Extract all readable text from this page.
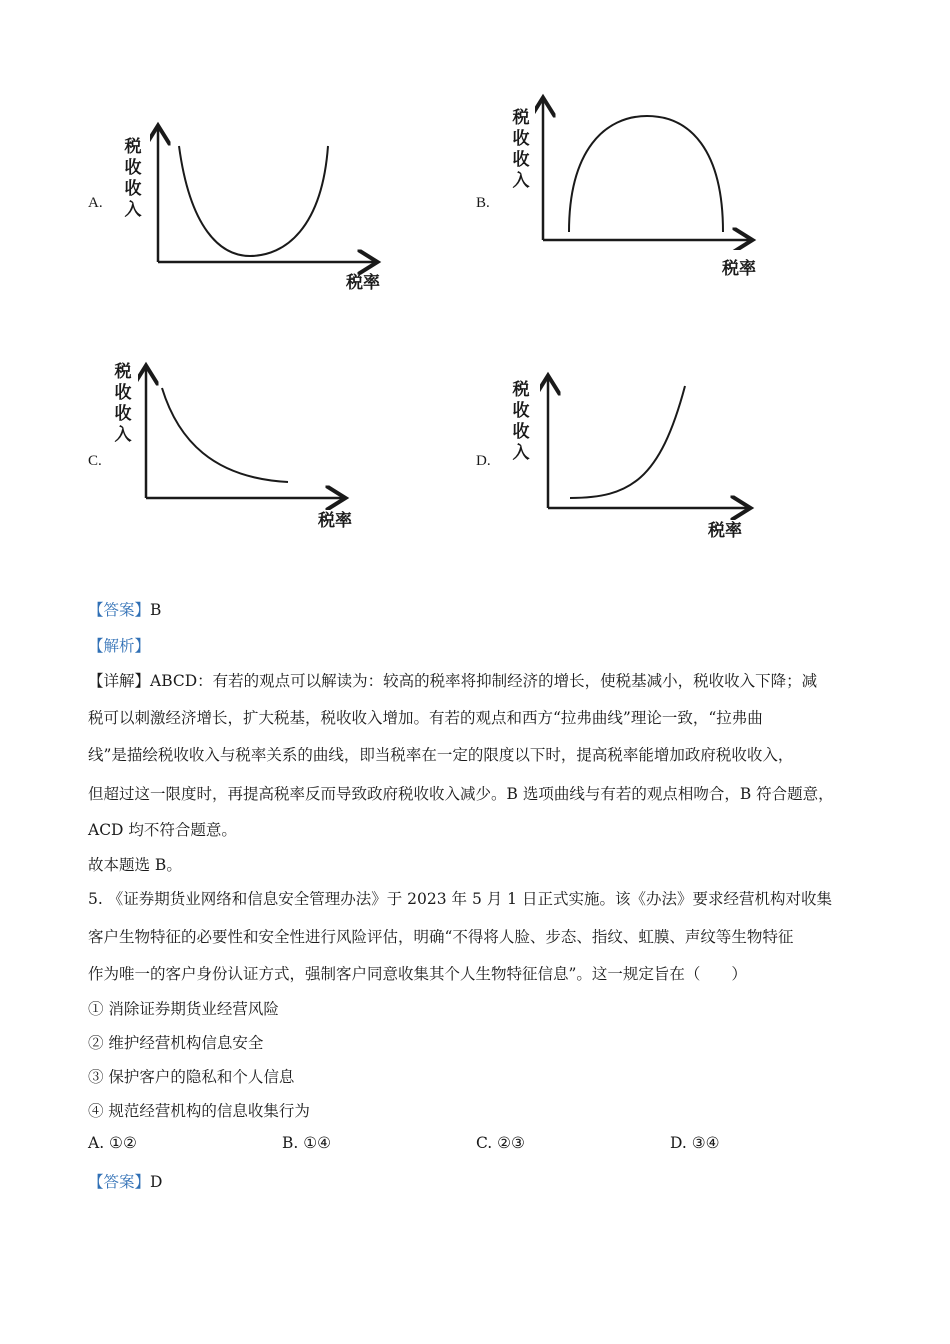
A.
税收收入
税率
B.
税收收入
税率
C.
税收收入
税率
D.
税收收入
税率
【答案】B
【解析】
【详解】ABCD：有若的观点可以解读为：较高的税率将抑制经济的增长，使税基减小，税收收入下降；减
税可以刺激经济增长，扩大税基，税收收入增加。有若的观点和西方“拉弗曲线”理论一致，“拉弗曲
线”是描绘税收收入与税率关系的曲线，即当税率在一定的限度以下时，提高税率能增加政府税收收入，
但超过这一限度时，再提高税率反而导致政府税收收入减少。B 选项曲线与有若的观点相吻合，B 符合题意，
ACD 均不符合题意。
故本题选 B。
5. 《证券期货业网络和信息安全管理办法》于 2023 年 5 月 1 日正式实施。该《办法》要求经营机构对收集
客户生物特征的必要性和安全性进行风险评估，明确“不得将人脸、步态、指纹、虹膜、声纹等生物特征
作为唯一的客户身份认证方式，强制客户同意收集其个人生物特征信息”。这一规定旨在（　　）
① 消除证券期货业经营风险
② 维护经营机构信息安全
③ 保护客户的隐私和个人信息
④ 规范经营机构的信息收集行为
A. ①②	B. ①④	C. ②③	D. ③④
【答案】D
